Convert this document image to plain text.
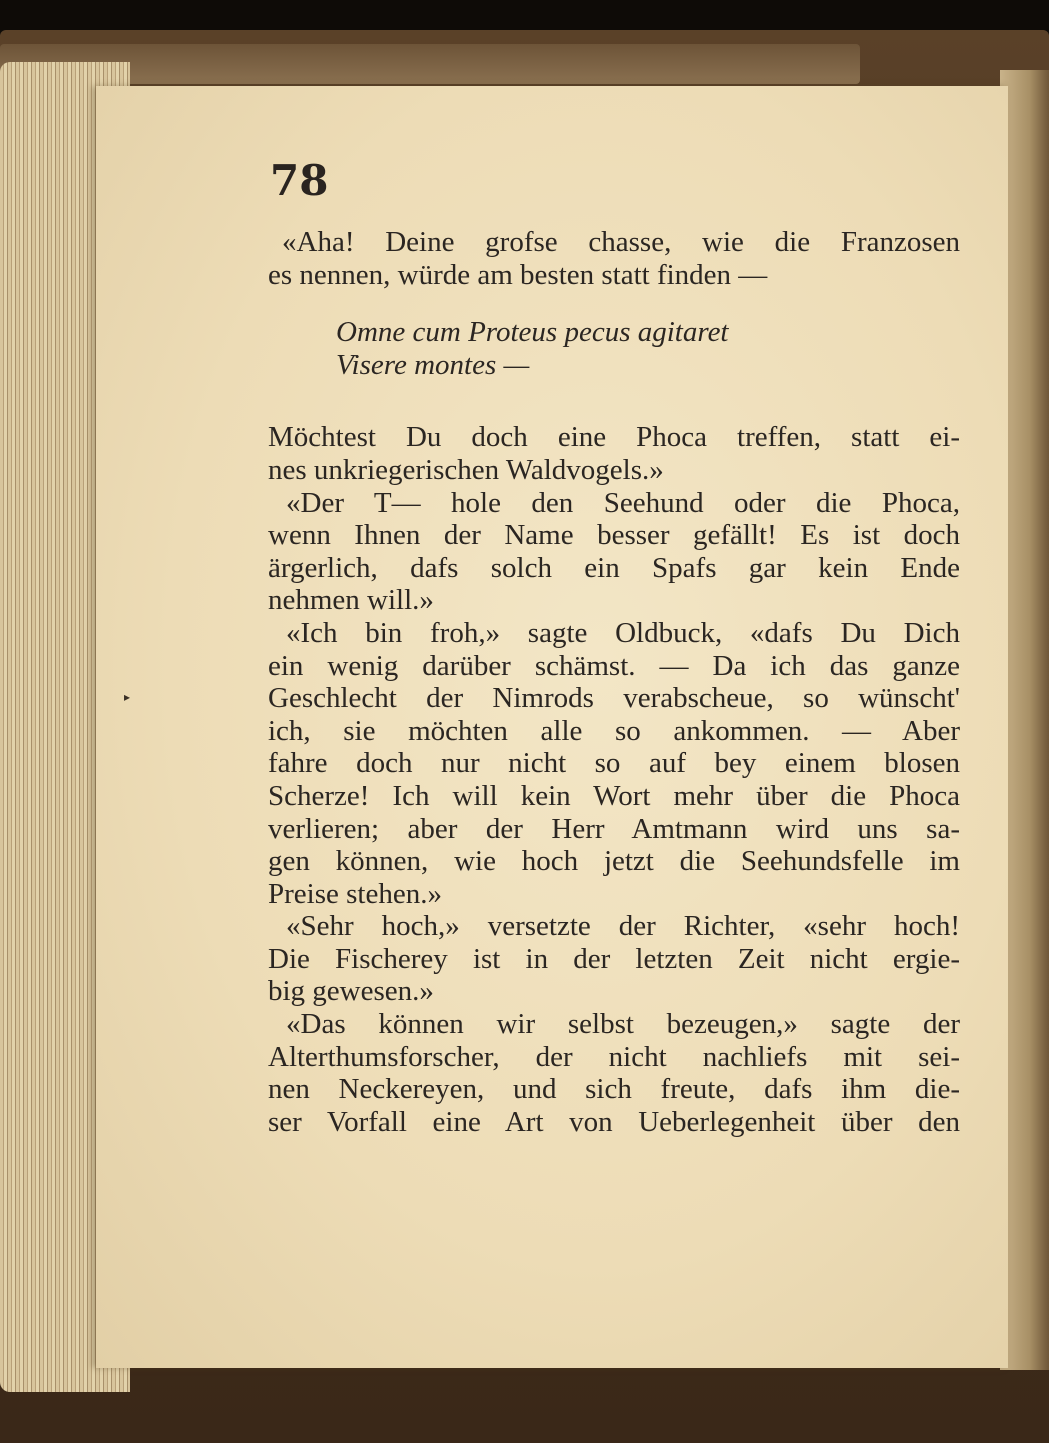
▸
78
«Aha! Deine grofse chasse, wie die Franzosen
es nennen, würde am besten statt finden —
Omne cum Proteus pecus agitaret
Visere montes —
Möchtest Du doch eine Phoca treffen, statt ei-
nes unkriegerischen Waldvogels.»
«Der T— hole den Seehund oder die Phoca,
wenn Ihnen der Name besser gefällt! Es ist doch
ärgerlich, dafs solch ein Spafs gar kein Ende
nehmen will.»
«Ich bin froh,» sagte Oldbuck, «dafs Du Dich
ein wenig darüber schämst. — Da ich das ganze
Geschlecht der Nimrods verabscheue, so wünscht'
ich, sie möchten alle so ankommen. — Aber
fahre doch nur nicht so auf bey einem blosen
Scherze! Ich will kein Wort mehr über die Phoca
verlieren; aber der Herr Amtmann wird uns sa-
gen können, wie hoch jetzt die Seehundsfelle im
Preise stehen.»
«Sehr hoch,» versetzte der Richter, «sehr hoch!
Die Fischerey ist in der letzten Zeit nicht ergie-
big gewesen.»
«Das können wir selbst bezeugen,» sagte der
Alterthumsforscher, der nicht nachliefs mit sei-
nen Neckereyen, und sich freute, dafs ihm die-
ser Vorfall eine Art von Ueberlegenheit über den
